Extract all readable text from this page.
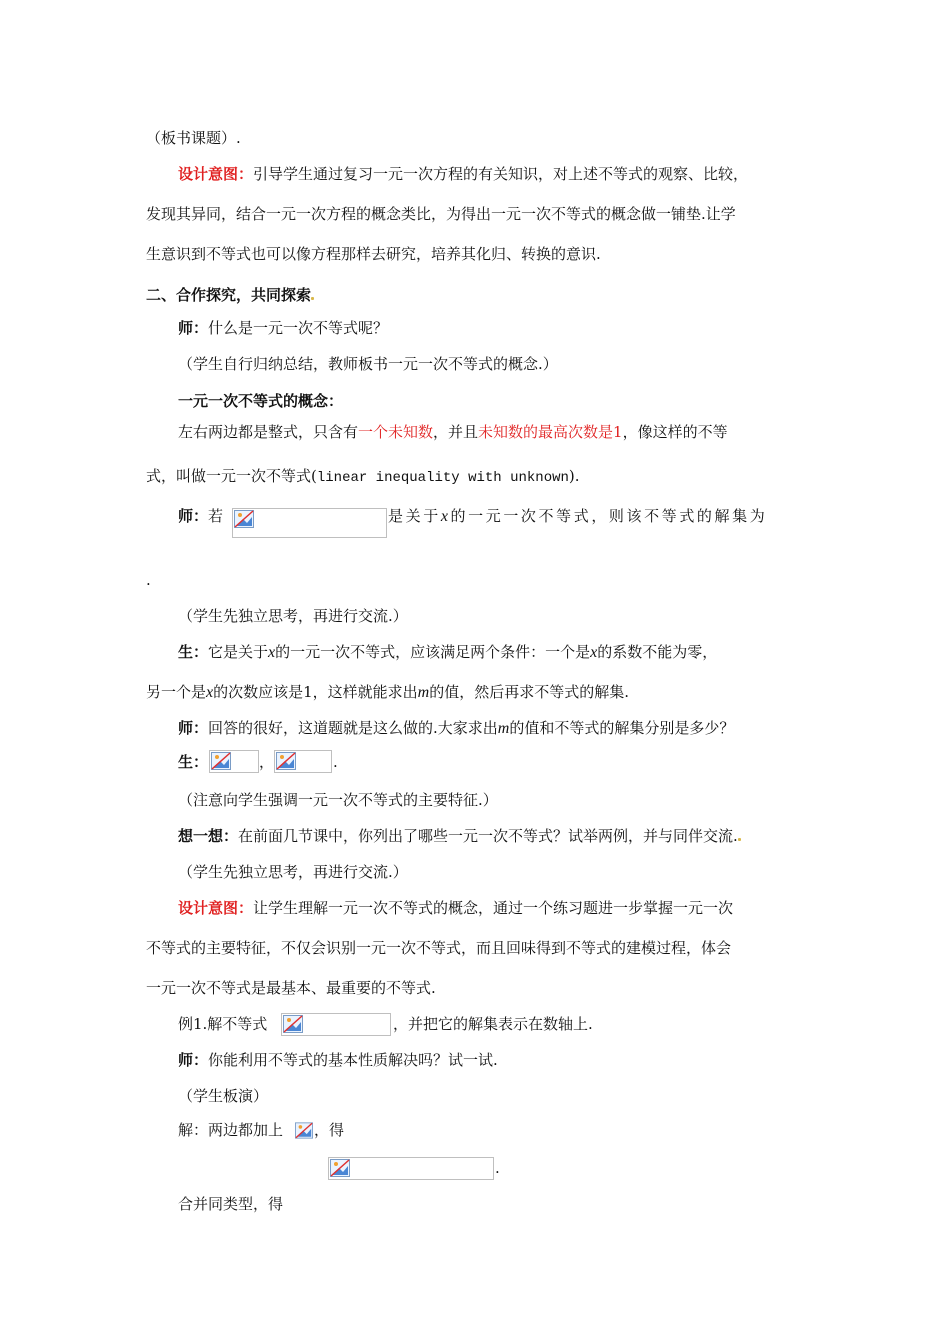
（板书课题）.
设计意图：引导学生通过复习一元一次方程的有关知识，对上述不等式的观察、比较，
发现其异同，结合一元一次方程的概念类比，为得出一元一次不等式的概念做一铺垫.让学
生意识到不等式也可以像方程那样去研究，培养其化归、转换的意识.
二、合作探究，共同探索
师：什么是一元一次不等式呢？
（学生自行归纳总结，教师板书一元一次不等式的概念.）
一元一次不等式的概念：
左右两边都是整式，只含有一个未知数，并且未知数的最高次数是1，像这样的不等
式，叫做一元一次不等式(linear inequality with unknown).
师：若	是关于x的一元一次不等式，则该不等式的解集为
.
（学生先独立思考，再进行交流.）
生：它是关于x的一元一次不等式，应该满足两个条件：一个是x的系数不能为零，
另一个是x的次数应该是1，这样就能求出m的值，然后再求不等式的解集.
师：回答的很好，这道题就是这么做的.大家求出m的值和不等式的解集分别是多少？
生：	，	.
（注意向学生强调一元一次不等式的主要特征.）
想一想：在前面几节课中，你列出了哪些一元一次不等式？试举两例，并与同伴交流.
（学生先独立思考，再进行交流.）
设计意图：让学生理解一元一次不等式的概念，通过一个练习题进一步掌握一元一次
不等式的主要特征，不仅会识别一元一次不等式，而且回味得到不等式的建模过程，体会
一元一次不等式是最基本、最重要的不等式.
例1.解不等式	，并把它的解集表示在数轴上.
师：你能利用不等式的基本性质解决吗？试一试.
（学生板演）
解：两边都加上 ，得
.
合并同类型，得
